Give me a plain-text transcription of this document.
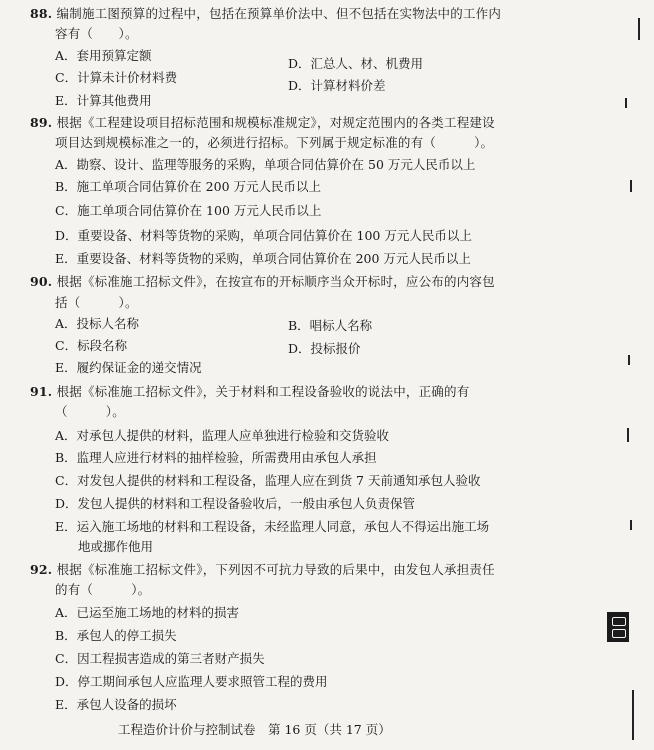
88. 编制施工图预算的过程中，包括在预算单价法中、但不包括在实物法中的工作内
容有（　　）。
A．套用预算定额
D．汇总人、材、机费用
C．计算未计价材料费
D．计算材料价差
E．计算其他费用
89. 根据《工程建设项目招标范围和规模标准规定》，对规定范围内的各类工程建设
项目达到规模标准之一的，必须进行招标。下列属于规定标准的有（　　　）。
A．勘察、设计、监理等服务的采购，单项合同估算价在 50 万元人民币以上
B．施工单项合同估算价在 200 万元人民币以上
C．施工单项合同估算价在 100 万元人民币以上
D．重要设备、材料等货物的采购，单项合同估算价在 100 万元人民币以上
E．重要设备、材料等货物的采购，单项合同估算价在 200 万元人民币以上
90. 根据《标准施工招标文件》，在按宣布的开标顺序当众开标时，应公布的内容包
括（　　　）。
A．投标人名称	B．唱标人名称
C．标段名称	D．投标报价
E．履约保证金的递交情况
91. 根据《标准施工招标文件》，关于材料和工程设备验收的说法中，正确的有
（　　　）。
A．对承包人提供的材料，监理人应单独进行检验和交货验收
B．监理人应进行材料的抽样检验，所需费用由承包人承担
C．对发包人提供的材料和工程设备，监理人应在到货 7 天前通知承包人验收
D．发包人提供的材料和工程设备验收后，一般由承包人负责保管
E．运入施工场地的材料和工程设备，未经监理人同意，承包人不得运出施工场
地或挪作他用
92. 根据《标准施工招标文件》，下列因不可抗力导致的后果中，由发包人承担责任
的有（　　　）。
A．已运至施工场地的材料的损害
B．承包人的停工损失
C．因工程损害造成的第三者财产损失
D．停工期间承包人应监理人要求照管工程的费用
E．承包人设备的损坏
工程造价计价与控制试卷　第 16 页（共 17 页）
